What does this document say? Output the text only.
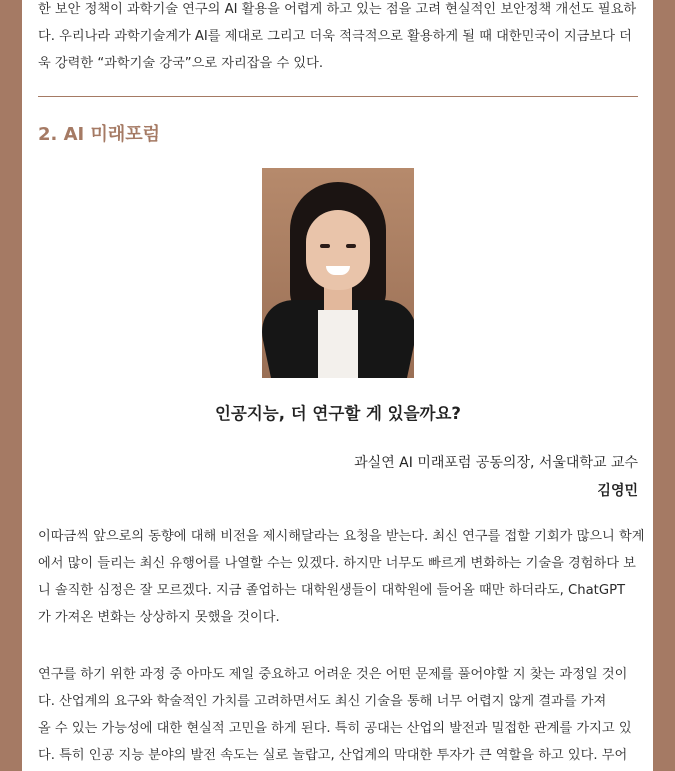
한 보안 정책이 과학기술 연구의 AI 활용을 어렵게 하고 있는 점을 고려 현실적인 보안정책 개선도 필요하
다. 우리나라 과학기술계가 AI를 제대로 그리고 더욱 적극적으로 활용하게 될 때 대한민국이 지금보다 더
욱 강력한 “과학기술 강국”으로 자리잡을 수 있다.

2. AI 미래포럼
인공지능, 더 연구할 게 있을까요?
과실연 AI 미래포럼 공동의장, 서울대학교 교수
김영민

이따금씩 앞으로의 동향에 대해 비전을 제시해달라는 요청을 받는다. 최신 연구를 접할 기회가 많으니 학계
에서 많이 들리는 최신 유행어를 나열할 수는 있겠다. 하지만 너무도 빠르게 변화하는 기술을 경험하다 보
니 솔직한 심정은 잘 모르겠다. 지금 졸업하는 대학원생들이 대학원에 들어올 때만 하더라도, ChatGPT
가 가져온 변화는 상상하지 못했을 것이다.

연구를 하기 위한 과정 중 아마도 제일 중요하고 어려운 것은 어떤 문제를 풀어야할 지 찾는 과정일 것이
다. 산업계의 요구와 학술적인 가치를 고려하면서도 최신 기술을 통해 너무 어렵지 않게 결과를 가져
올 수 있는 가능성에 대한 현실적 고민을 하게 된다. 특히 공대는 산업의 발전과 밀접한 관계를 가지고 있
다. 특히 인공 지능 분야의 발전 속도는 실로 놀랍고, 산업계의 막대한 투자가 큰 역할을 하고 있다. 무어
